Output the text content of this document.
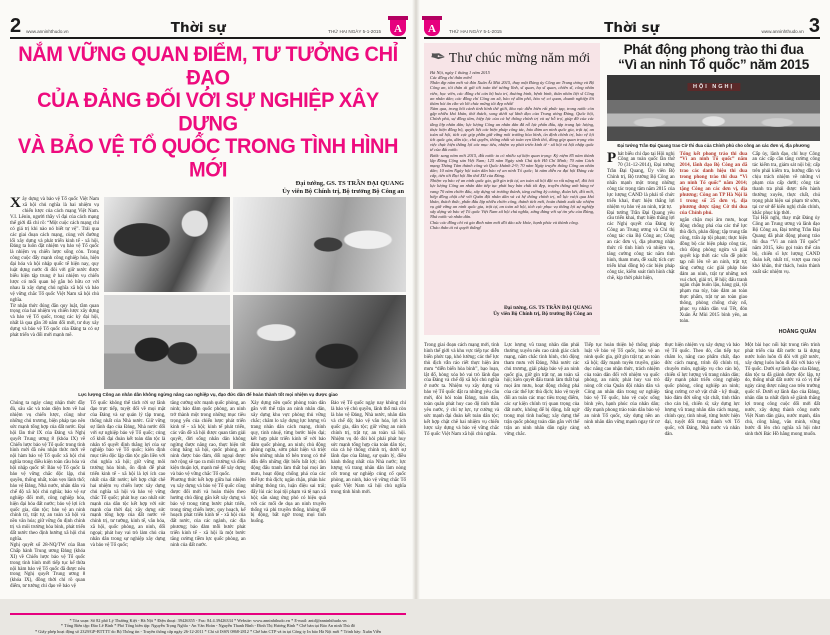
2 www.anninhthudo.vn	Thời sự	THỨ HAI NGÀY 5-1-2015 A
NẮM VỮNG QUAN ĐIỂM, TƯ TƯỞNG CHỈ ĐẠO
CỦA ĐẢNG ĐỐI VỚI SỰ NGHIỆP XÂY DỰNG
VÀ BẢO VỆ TỔ QUỐC TRONG TÌNH HÌNH MỚI
Đại tướng, GS. TS TRẦN ĐẠI QUANG
Ủy viên Bộ Chính trị, Bộ trưởng Bộ Công an
Xây dựng và bảo vệ Tổ quốc Việt Nam xã hội chủ nghĩa là hai nhiệm vụ chiến lược của cách mạng Việt Nam. V.I. Lênin, người thầy vĩ đại của cách mạng thế giới đã chỉ rõ: “Một cuộc cách mạng chỉ có giá trị khi nào nó biết tự vệ”. Trải qua các giai đoạn cách mạng, cùng với đường lối xây dựng và phát triển kinh tế - xã hội, Đảng ta luôn đặt nhiệm vụ bảo vệ Tổ quốc là nhiệm vụ chiến lược sống còn. Trong công cuộc đẩy mạnh công nghiệp hóa, hiện đại hóa và hội nhập quốc tế hiện nay, quy luật dựng nước đi đôi với giữ nước được biểu hiện tập trung ở hai nhiệm vụ chiến lược có mối quan hệ gắn bó hữu cơ với nhau là xây dựng chủ nghĩa xã hội và bảo vệ vững chắc Tổ quốc Việt Nam xã hội chủ nghĩa.
Từ nhận thức đúng đắn quy luật, tầm quan trọng của hai nhiệm vụ chiến lược xây dựng và bảo vệ Tổ quốc, trong các kỳ đại hội, nhất là qua gần 30 năm đổi mới, tư duy xây dựng và bảo vệ Tổ quốc của Đảng ta có sự phát triển và đổi mới mạnh mẽ.
Lực lượng Công an nhân dân không ngừng nâng cao nghiệp vụ, đạo đức dân để hoàn thành tốt mọi nhiệm vụ được giao
Chúng ta ngày càng nhận thức đầy đủ, sâu sắc và toàn diện hơn về hai nhiệm vụ chiến lược, cũng như những chủ trương, biện pháp tạo nên sức mạnh tổng hợp của đất nước. Đại hội lần thứ IX của Đảng và Nghị quyết Trung ương 8 (khóa IX) về Chiến lược bảo vệ Tổ quốc trong tình hình mới đã nêu nhận thức mới về nội hàm bảo vệ Tổ quốc xã hội chủ nghĩa trong điều kiện toàn cầu hóa và hội nhập quốc tế: Bảo vệ Tổ quốc là bảo vệ vững chắc độc lập, chủ quyền, thống nhất, toàn vẹn lãnh thổ; bảo vệ Đảng, Nhà nước, nhân dân và chế độ xã hội chủ nghĩa; bảo vệ sự nghiệp đổi mới, công nghiệp hóa, hiện đại hóa đất nước; bảo vệ lợi ích quốc gia, dân tộc; bảo vệ an ninh chính trị, trật tự, an toàn xã hội và nền văn hóa; giữ vững ổn định chính trị và môi trường hòa bình, phát triển đất nước theo định hướng xã hội chủ nghĩa.
Nghị quyết số 28-NQ/TW của Ban Chấp hành Trung ương Đảng (khóa XI) về Chiến lược bảo vệ Tổ quốc trong tình hình mới tiếp tục kế thừa nội hàm bảo vệ Tổ quốc đã được nêu trong Nghị quyết Trung ương 8 (khóa IX), đồng thời chỉ rõ quan điểm, tư tưởng chỉ đạo về bảo vệ
Tổ quốc không thể tách rời sự lãnh đạo trực tiếp, tuyệt đối về mọi mặt của Đảng và sự quản lý tập trung, thống nhất của Nhà nước. Giữ vững sự lãnh đạo của Đảng, Nhà nước đối với sự nghiệp bảo vệ Tổ quốc; củng cố khối đại đoàn kết toàn dân tộc là nhân tố quyết định thắng lợi của sự nghiệp bảo vệ Tổ quốc; kiên định mục tiêu độc lập dân tộc gắn liền với chủ nghĩa xã hội; giữ vững môi trường hòa bình, ổn định để phát triển kinh tế - xã hội là lợi ích cao nhất của đất nước; kết hợp chặt chẽ hai nhiệm vụ chiến lược xây dựng chủ nghĩa xã hội và bảo vệ vững chắc Tổ quốc; phát huy cao nhất sức mạnh của dân tộc kết hợp với sức mạnh của thời đại; xây dựng sức mạnh tổng hợp của đất nước về chính trị, tư tưởng, kinh tế, văn hóa, xã hội, quốc phòng, an ninh, đối ngoại; phát huy vai trò làm chủ của nhân dân trong sự nghiệp xây dựng và bảo vệ Tổ quốc;
tăng cường sức mạnh quốc phòng, an ninh; bảo đảm quốc phòng, an ninh trở thành một trong những mục tiêu trọng yếu của chiến lược phát triển kinh tế - xã hội; kinh tế phát triển, các vấn đề xã hội được quan tâm giải quyết, đời sống nhân dân không ngừng được nâng cao, thực hiện tốt công bằng xã hội, quốc phòng, an ninh được bảo đảm, đối ngoại được mở rộng sẽ tạo ra môi trường và điều kiện thuận lợi, mạnh mẽ để xây dựng và bảo vệ vững chắc Tổ quốc.
Phương thức kết hợp giữa hai nhiệm vụ xây dựng và bảo vệ Tổ quốc cũng được đổi mới và hoàn thiện theo hướng chủ động gắn kết xây dựng và bảo vệ trong từng bước phát triển, trong từng chiến lược, quy hoạch, kế hoạch phát triển kinh tế - xã hội của đất nước, của các ngành, các địa phương; bảo đảm mỗi bước phát triển kinh tế - xã hội là một bước tăng cường tiềm lực quốc phòng, an ninh của đất nước.
Xây dựng nền quốc phòng toàn dân gắn với thế trận an ninh nhân dân, xây dựng khu vực phòng thủ vững chắc; chăm lo xây dựng lực lượng vũ trang nhân dân cách mạng, chính quy, tinh nhuệ, từng bước hiện đại; kết hợp phát triển kinh tế với bảo đảm quốc phòng, an ninh; chủ động phòng ngừa, sớm phát hiện và triệt tiêu những nhân tố bên trong có thể dẫn đến những đột biến bất lợi; chủ động đấu tranh làm thất bại mọi âm mưu, hoạt động chống phá của các thế lực thù địch; ngăn chặn, phản bác những thông tin, luận điệu sai trái; đẩy lùi các loại tội phạm và tệ nạn xã hội; sẵn sàng ứng phó có hiệu quả với các mối đe dọa an ninh truyền thống và phi truyền thống, không để bị động, bất ngờ trong mọi tình huống.
Bảo vệ Tổ quốc ngày nay không chỉ là bảo vệ chủ quyền, lãnh thổ mà còn là bảo vệ Đảng, Nhà nước, nhân dân và chế độ; bảo vệ văn hóa, lợi ích quốc gia, dân tộc; giữ vững an ninh chính trị, trật tự, an toàn xã hội. Nhiệm vụ đó đòi hỏi phải phát huy sức mạnh tổng hợp của toàn dân tộc, của cả hệ thống chính trị, dưới sự lãnh đạo của Đảng, sự quản lý, điều hành thống nhất của Nhà nước; lực lượng vũ trang nhân dân làm nòng cốt trong sự nghiệp củng cố quốc phòng, an ninh, bảo vệ vững chắc Tổ quốc Việt Nam xã hội chủ nghĩa trong tình hình mới.
* Tòa soạn: Số 82 phố Lý Thường Kiệt - Hà Nội * Điện thoại: 39426355 - Fax: 84.4.39426334 * Website: www.anninhthudo.vn * E-mail: antd@anninhthudo.vn
* Tổng Biên tập: Đào Lê Bình * Phó Tổng biên tập: Nguyễn Trọng Nghĩa - An Văn Hoàn - Nguyễn Thanh Bình - Đinh Thị Hương Bình * Chế bản tại Báo An ninh Thủ đô
* Giấy phép hoạt động số 2329/GP-BTTTT do Bộ Thông tin - Truyền thông cấp ngày 26-12-2011 * Chỉ số ISSN 0868-2812 * Chế bản CTP và in tại Công ty In báo Hà Nội mới * Trình bày: Xuân Viễn
A	THỨ HAI NGÀY 5-1-2015	Thời sự	www.anninhthudo.vn 3
✒ Thư chúc mừng năm mới
Hà Nội, ngày 1 tháng 1 năm 2015
Các đồng chí thân mến!
Nhân dịp năm mới và đón Xuân Ất Mùi 2015, thay mặt Đảng ủy Công an Trung ương và Bộ Công an, tôi thân ái gửi tới toàn thể tướng lĩnh, sĩ quan, hạ sĩ quan, chiến sĩ, công nhân viên, học viên, các đồng chí cán bộ hưu trí, thương binh, bệnh binh, thân nhân liệt sĩ Công an nhân dân; các đồng chí Công an xã, bảo vệ dân phố, bảo vệ cơ quan, doanh nghiệp lời thăm hỏi ân cần và lời chúc mừng tốt đẹp nhất!
Năm qua, trong bối cảnh tình hình thế giới, khu vực diễn biến rất phức tạp, trong nước còn gặp nhiều khó khăn, thử thách, song dưới sự lãnh đạo của Trung ương Đảng, Quốc hội, Chính phủ, sự đồng tâm, hiệp lực của cả hệ thống chính trị và sự hỗ trợ, giúp đỡ của các tầng lớp nhân dân; lực lượng Công an nhân dân đã nỗ lực phấn đấu, tập trung lực lượng, thực hiện đồng bộ, quyết liệt các biện pháp công tác, bảo đảm an ninh quốc gia, trật tự, an toàn xã hội, tích cực góp phần giữ vững môi trường hòa bình, ổn định chính trị, bảo vệ lợi ích quốc gia, dân tộc, chủ quyền, thống nhất và toàn vẹn lãnh thổ, đóng góp quan trọng vào việc thực hiện thắng lợi các mục tiêu, nhiệm vụ phát triển kinh tế - xã hội và hội nhập quốc tế của đất nước.
Bước sang năm mới 2015, đất nước ta có nhiều sự kiện quan trọng: Kỷ niệm 85 năm thành lập Đảng Cộng sản Việt Nam; 125 năm Ngày sinh Chủ tịch Hồ Chí Minh; 70 năm Cách mạng Tháng Tám thành công và Quốc khánh 2-9; 70 năm Ngày truyền thống Công an nhân dân; 10 năm Ngày hội toàn dân bảo vệ an ninh Tổ quốc; là năm diễn ra đại hội Đảng các cấp, tiến tới Đại hội lần thứ XII của Đảng.
Nhiệm vụ bảo vệ an ninh quốc gia, giữ gìn trật tự, an toàn xã hội đặt ra rất nặng nề, đòi hỏi lực lượng Công an nhân dân tiếp tục phát huy bản chất tốt đẹp, truyền thống anh hùng vẻ vang 70 năm chiến đấu, xây dựng và trưởng thành, tăng cường kỷ cương, đoàn kết, đổi mới, hiệp đồng chặt chẽ với Quân đội nhân dân và cả hệ thống chính trị, nỗ lực vượt qua khó khăn, thách thức, phấn đấu lập nhiều chiến công, thành tích mới, hoàn thành xuất sắc nhiệm vụ giữ vững an ninh quốc gia, trật tự, an toàn xã hội, tích cực phục vụ thắng lợi sự nghiệp xây dựng và bảo vệ Tổ quốc Việt Nam xã hội chủ nghĩa, xứng đáng với sự tin yêu của Đảng, Nhà nước và nhân dân.
Chúc các đồng chí và gia đình năm mới dồi dào sức khỏe, hạnh phúc và thành công.
Chào thân ái và quyết thắng!
Đại tướng, GS. TS TRẦN ĐẠI QUANG
Ủy viên Bộ Chính trị, Bộ trưởng Bộ Công an
Phát động phong trào thi đua
“Vì an ninh Tổ quốc” năm 2015
HỘI NGHỊ
Đại tướng Trần Đại Quang trao Cờ thi đua của Chính phủ cho công an các đơn vị, địa phương
Phát biểu chỉ đạo tại Hội nghị Công an toàn quốc lần thứ 70 (31-12-2014), Đại tướng Trần Đại Quang, Ủy viên Bộ Chính trị, Bộ trưởng Bộ Công an nhấn mạnh một trong những công tác trọng tâm năm 2015 của lực lượng CAND là phải tổ chức triển khai, thực hiện thắng lợi nhiệm vụ bảo vệ an ninh, trật tự.
Đại tướng Trần Đại Quang yêu cầu triển khai, thực hiện thắng lợi các Nghị quyết của Đảng ủy Công an Trung ương và Chỉ thị công tác của Bộ Công an; Công an các đơn vị, địa phương nhận thức rõ tình hình và nhiệm vụ, tăng cường công tác nắm tình hình, tham mưu, đề xuất; tích cực triển khai đồng bộ các biện pháp công tác, kiểm soát tình hình chặt chẽ, kịp thời phát hiện,
Tổng kết phong trào thi đua “Vì an ninh Tổ quốc” năm 2014, lãnh đạo Bộ Công an đã trao các danh hiệu thi đua trong phong trào thi đua “Vì an ninh Tổ quốc” năm 2014; tặng Công an các đơn vị, địa phương; Công an TP Hà Nội là 1 trong số 25 đơn vị, địa phương được tặng Cờ thi đua của Chính phủ.
ngăn chặn mọi âm mưu, hoạt động chống phá của các thế lực thù địch, phản động; tập trung tấn công, trấn áp tội phạm; thực hiện đồng bộ các biện pháp công tác, chủ động phòng ngừa và giải quyết kịp thời các vấn đề phức tạp nổi lên về an ninh, trật tự; tăng cường các giải pháp bảo đảm an ninh, trật tự những nơi vui chơi, giải trí, lễ hội; đấu tranh ngăn chặn buôn lậu, hàng giả, tội phạm ma túy, bảo đảm an toàn thực phẩm, trật tự an toàn giao thông, phòng chống cháy nổ, phục vụ nhân dân vui Tết, đón Xuân Ất Mùi 2015 bình yên, an toàn.
Cấp ủy, lãnh đạo, chỉ huy Công an các cấp cần tăng cường công tác kiểm tra, giám sát nội bộ; cấp trên phải kiểm tra, hướng dẫn và chịu trách nhiệm về những vi phạm của cấp dưới; công tác thanh tra phải được tiến hành thường xuyên, thực chất, chú trọng phát hiện sai phạm từ sớm, tại cơ sở để kiến nghị chấn chỉnh, khắc phục kịp thời.
Tại Hội nghị, thay mặt Đảng ủy Công an Trung ương và lãnh đạo Bộ Công an, Đại tướng Trần Đại Quang đã phát động phong trào thi đua “Vì an ninh Tổ quốc” năm 2015, kêu gọi toàn thể cán bộ, chiến sĩ lực lượng CAND đoàn kết, nhất trí, vượt qua mọi khó khăn, thử thách, hoàn thành xuất sắc nhiệm vụ.
HOÀNG QUÂN
Trong giai đoạn cách mạng mới, tình hình thế giới và khu vực tiếp tục diễn biến phức tạp, khó lường; các thế lực thù địch vẫn ráo riết thực hiện âm mưu “diễn biến hòa bình”, bạo loạn, lật đổ, hòng xóa bỏ vai trò lãnh đạo của Đảng và chế độ xã hội chủ nghĩa ở nước ta. Nhiệm vụ xây dựng và bảo vệ Tổ quốc đặt ra những yêu cầu mới, đòi hỏi toàn Đảng, toàn dân, toàn quân phát huy cao độ tinh thần yêu nước, ý chí tự lực, tự cường và sức mạnh đại đoàn kết toàn dân tộc; kết hợp chặt chẽ hai nhiệm vụ chiến lược xây dựng và bảo vệ vững chắc Tổ quốc Việt Nam xã hội chủ nghĩa.
Lực lượng vũ trang nhân dân phải thường xuyên nêu cao cảnh giác cách mạng, nắm chắc tình hình, chủ động tham mưu với Đảng, Nhà nước các chủ trương, giải pháp bảo vệ an ninh quốc gia, giữ gìn trật tự, an toàn xã hội; kiên quyết đấu tranh làm thất bại mọi âm mưu, hoạt động chống phá của các thế lực thù địch; bảo vệ tuyệt đối an toàn các mục tiêu trọng điểm, các sự kiện chính trị quan trọng của đất nước, không để bị động, bất ngờ trong mọi tình huống; xây dựng thế trận quốc phòng toàn dân gắn với thế trận an ninh nhân dân ngày càng vững chắc.
Tiếp tục hoàn thiện hệ thống pháp luật về bảo vệ Tổ quốc, bảo vệ an ninh quốc gia, giữ gìn trật tự, an toàn xã hội; đẩy mạnh tuyên truyền, giáo dục nâng cao nhận thức, trách nhiệm của toàn dân đối với nhiệm vụ quốc phòng, an ninh; phát huy vai trò nòng cốt của Quân đội nhân dân và Công an nhân dân trong sự nghiệp bảo vệ Tổ quốc, bảo vệ cuộc sống bình yên, hạnh phúc của nhân dân; đẩy mạnh phong trào toàn dân bảo vệ an ninh Tổ quốc, xây dựng nền an ninh nhân dân vững mạnh ngay từ cơ sở.
thực hiện nhiệm vụ xây dựng và bảo vệ Tổ quốc. Theo đó, cần tiếp tục chăm lo, nâng cao phẩm chất, đạo đức cách mạng, trình độ chính trị, chuyên môn, nghiệp vụ cho cán bộ, chiến sĩ lực lượng vũ trang nhân dân; đẩy mạnh phát triển công nghiệp quốc phòng, công nghiệp an ninh; tăng cường cơ sở vật chất - kỹ thuật, bảo đảm đời sống vật chất, tinh thần cho cán bộ, chiến sĩ; xây dựng lực lượng vũ trang nhân dân cách mạng, chính quy, tinh nhuệ, từng bước hiện đại, tuyệt đối trung thành với Tổ quốc, với Đảng, Nhà nước và nhân dân.
Một bài học nổi bật trong tiến trình phát triển của đất nước ta là dựng nước luôn luôn đi đôi với giữ nước, xây dựng luôn luôn đi đôi với bảo vệ Tổ quốc. Dưới sự lãnh đạo của Đảng, dân tộc ta đã giành được độc lập, tự do, thống nhất đất nước và có vị thế ngày càng được nâng cao trên trường quốc tế. Dưới sự lãnh đạo của Đảng, nhân dân ta nhất định sẽ giành thắng lợi trong công cuộc đổi mới đất nước, xây dựng thành công nước Việt Nam dân giàu, nước mạnh, dân chủ, công bằng, văn minh, vững bước đi lên chủ nghĩa xã hội như sinh thời Bác Hồ hằng mong muốn.
